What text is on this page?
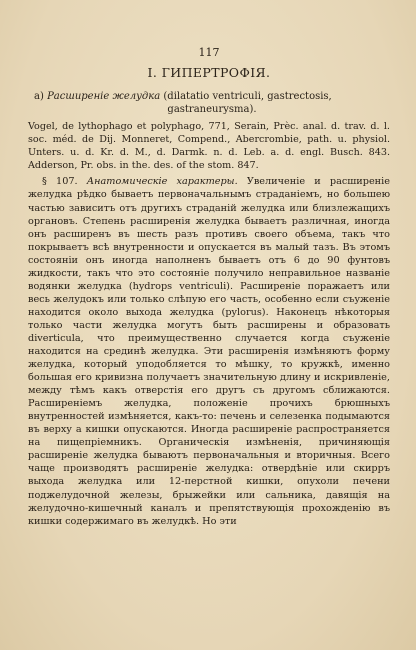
117
I. ГИПЕРТРОФІЯ.
а) Расширеніе желудка (dilatatio ventriculi, gastrectosis,
gastraneurysma).

Vogel, de lythophago et polyphago, 771, Serain, Prèc. anal. d. trav. d. l. soc. méd. de Dij. Monneret, Compend., Abercrombie, path. u. physiol. Unters. u. d. Kr. d. M., d. Darmk. n. d. Leb. a. d. engl. Busch. 843. Adderson, Pr. obs. in the. des. of the stom. 847.

§ 107. Анатомическіе характеры. Увеличеніе и расширеніе желудка рѣдко бываетъ первоначальнымъ страданіемъ, но большею частью зависитъ отъ другихъ страданій желудка или близлежащихъ органовъ. Степень расширенія желудка бываетъ различная, иногда онъ расширенъ въ шесть разъ противъ своего объема, такъ что покрываетъ всѣ внутренности и опускается въ малый тазъ. Въ этомъ состояніи онъ иногда наполненъ бываетъ отъ 6 до 90 фунтовъ жидкости, такъ что это состояніе получило неправильное названіе водянки желудка (hydrops ventriculi). Расширеніе поражаетъ или весь желудокъ или только слѣпую его часть, особенно если съуженіе находится около выхода желудка (pylorus). Наконецъ нѣкоторыя только части желудка могутъ быть расширены и образовать diverticula, что преимущественно случается когда съуженіе находится на срединѣ желудка. Эти расширенія измѣняютъ форму желудка, который уподобляется то мѣшку, то кружкѣ, именно большая его кривизна получаетъ значительную длину и искривленіе, между тѣмъ какъ отверстія его другъ съ другомъ сближаются. Расширеніемъ желудка, положеніе прочихъ брюшныхъ внутренностей измѣняется, какъ-то: печень и селезенка подымаются въ верху а кишки опускаются. Иногда расширеніе распространяется на пищепріемникъ. Органическія измѣненія, причиняющія расширеніе желудка бываютъ первоначальныя и вторичныя. Всего чаще производятъ расширеніе желудка: отвердѣніе или скирръ выхода желудка или 12-перстной кишки, опухоли печени поджелудочной железы, брыжейки или сальника, давящія на желудочно-кишечный каналъ и препятствующія прохожденію въ кишки содержимаго въ желудкѣ. Но эти
